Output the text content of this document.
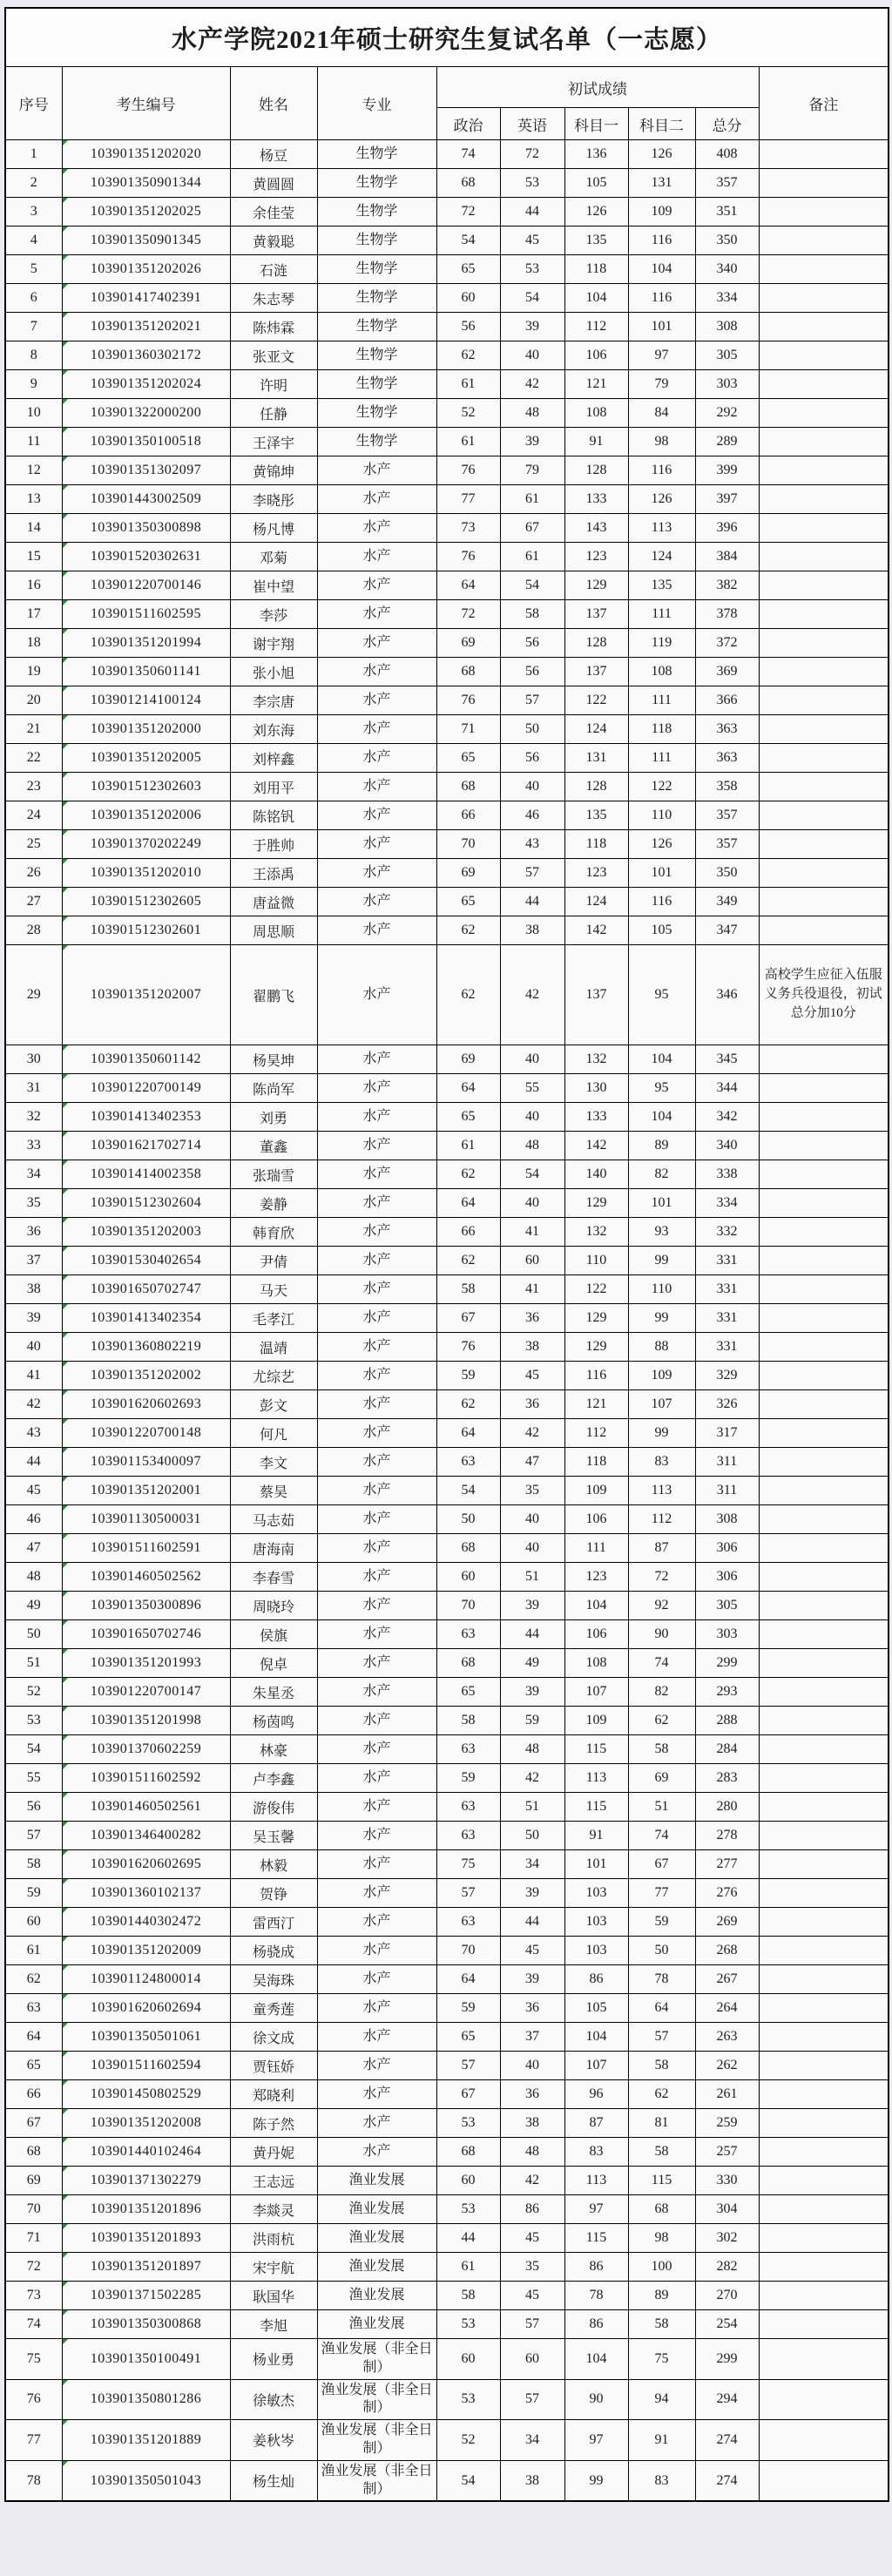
水产学院2021年硕士研究生复试名单（一志愿）									
序号	考生编号	姓名	专业	初试成绩					备注
				政治	英语	科目一	科目二	总分	
1	103901351202020	杨豆	生物学	74	72	136	126	408	
2	103901350901344	黄圆圆	生物学	68	53	105	131	357	
3	103901351202025	余佳莹	生物学	72	44	126	109	351	
4	103901350901345	黄毅聪	生物学	54	45	135	116	350	
5	103901351202026	石涟	生物学	65	53	118	104	340	
6	103901417402391	朱志琴	生物学	60	54	104	116	334	
7	103901351202021	陈炜霖	生物学	56	39	112	101	308	
8	103901360302172	张亚文	生物学	62	40	106	97	305	
9	103901351202024	许明	生物学	61	42	121	79	303	
10	103901322000200	任静	生物学	52	48	108	84	292	
11	103901350100518	王泽宇	生物学	61	39	91	98	289	
12	103901351302097	黄锦坤	水产	76	79	128	116	399	
13	103901443002509	李晓彤	水产	77	61	133	126	397	
14	103901350300898	杨凡博	水产	73	67	143	113	396	
15	103901520302631	邓菊	水产	76	61	123	124	384	
16	103901220700146	崔中望	水产	64	54	129	135	382	
17	103901511602595	李莎	水产	72	58	137	111	378	
18	103901351201994	谢宇翔	水产	69	56	128	119	372	
19	103901350601141	张小旭	水产	68	56	137	108	369	
20	103901214100124	李宗唐	水产	76	57	122	111	366	
21	103901351202000	刘东海	水产	71	50	124	118	363	
22	103901351202005	刘梓鑫	水产	65	56	131	111	363	
23	103901512302603	刘用平	水产	68	40	128	122	358	
24	103901351202006	陈铭钒	水产	66	46	135	110	357	
25	103901370202249	于胜帅	水产	70	43	118	126	357	
26	103901351202010	王添禹	水产	69	57	123	101	350	
27	103901512302605	唐益微	水产	65	44	124	116	349	
28	103901512302601	周思顺	水产	62	38	142	105	347	
29	103901351202007	翟鹏飞	水产	62	42	137	95	346	高校学生应征入伍服义务兵役退役，初试总分加10分
30	103901350601142	杨昊坤	水产	69	40	132	104	345	
31	103901220700149	陈尚军	水产	64	55	130	95	344	
32	103901413402353	刘勇	水产	65	40	133	104	342	
33	103901621702714	董鑫	水产	61	48	142	89	340	
34	103901414002358	张瑞雪	水产	62	54	140	82	338	
35	103901512302604	姜静	水产	64	40	129	101	334	
36	103901351202003	韩育欣	水产	66	41	132	93	332	
37	103901530402654	尹倩	水产	62	60	110	99	331	
38	103901650702747	马天	水产	58	41	122	110	331	
39	103901413402354	毛孝江	水产	67	36	129	99	331	
40	103901360802219	温靖	水产	76	38	129	88	331	
41	103901351202002	尤综艺	水产	59	45	116	109	329	
42	103901620602693	彭文	水产	62	36	121	107	326	
43	103901220700148	何凡	水产	64	42	112	99	317	
44	103901153400097	李文	水产	63	47	118	83	311	
45	103901351202001	蔡昊	水产	54	35	109	113	311	
46	103901130500031	马志茹	水产	50	40	106	112	308	
47	103901511602591	唐海南	水产	68	40	111	87	306	
48	103901460502562	李春雪	水产	60	51	123	72	306	
49	103901350300896	周晓玲	水产	70	39	104	92	305	
50	103901650702746	侯旗	水产	63	44	106	90	303	
51	103901351201993	倪卓	水产	68	49	108	74	299	
52	103901220700147	朱星丞	水产	65	39	107	82	293	
53	103901351201998	杨茵鸣	水产	58	59	109	62	288	
54	103901370602259	林豪	水产	63	48	115	58	284	
55	103901511602592	卢李鑫	水产	59	42	113	69	283	
56	103901460502561	游俊伟	水产	63	51	115	51	280	
57	103901346400282	吴玉馨	水产	63	50	91	74	278	
58	103901620602695	林毅	水产	75	34	101	67	277	
59	103901360102137	贺铮	水产	57	39	103	77	276	
60	103901440302472	雷西汀	水产	63	44	103	59	269	
61	103901351202009	杨骁成	水产	70	45	103	50	268	
62	103901124800014	吴海珠	水产	64	39	86	78	267	
63	103901620602694	童秀莲	水产	59	36	105	64	264	
64	103901350501061	徐文成	水产	65	37	104	57	263	
65	103901511602594	贾钰娇	水产	57	40	107	58	262	
66	103901450802529	郑晓利	水产	67	36	96	62	261	
67	103901351202008	陈子然	水产	53	38	87	81	259	
68	103901440102464	黄丹妮	水产	68	48	83	58	257	
69	103901371302279	王志远	渔业发展	60	42	113	115	330	
70	103901351201896	李燚灵	渔业发展	53	86	97	68	304	
71	103901351201893	洪雨杭	渔业发展	44	45	115	98	302	
72	103901351201897	宋宇航	渔业发展	61	35	86	100	282	
73	103901371502285	耿国华	渔业发展	58	45	78	89	270	
74	103901350300868	李旭	渔业发展	53	57	86	58	254	
75	103901350100491	杨业勇	渔业发展（非全日制）	60	60	104	75	299	
76	103901350801286	徐敏杰	渔业发展（非全日制）	53	57	90	94	294	
77	103901351201889	姜秋岑	渔业发展（非全日制）	52	34	97	91	274	
78	103901350501043	杨生灿	渔业发展（非全日制）	54	38	99	83	274	
